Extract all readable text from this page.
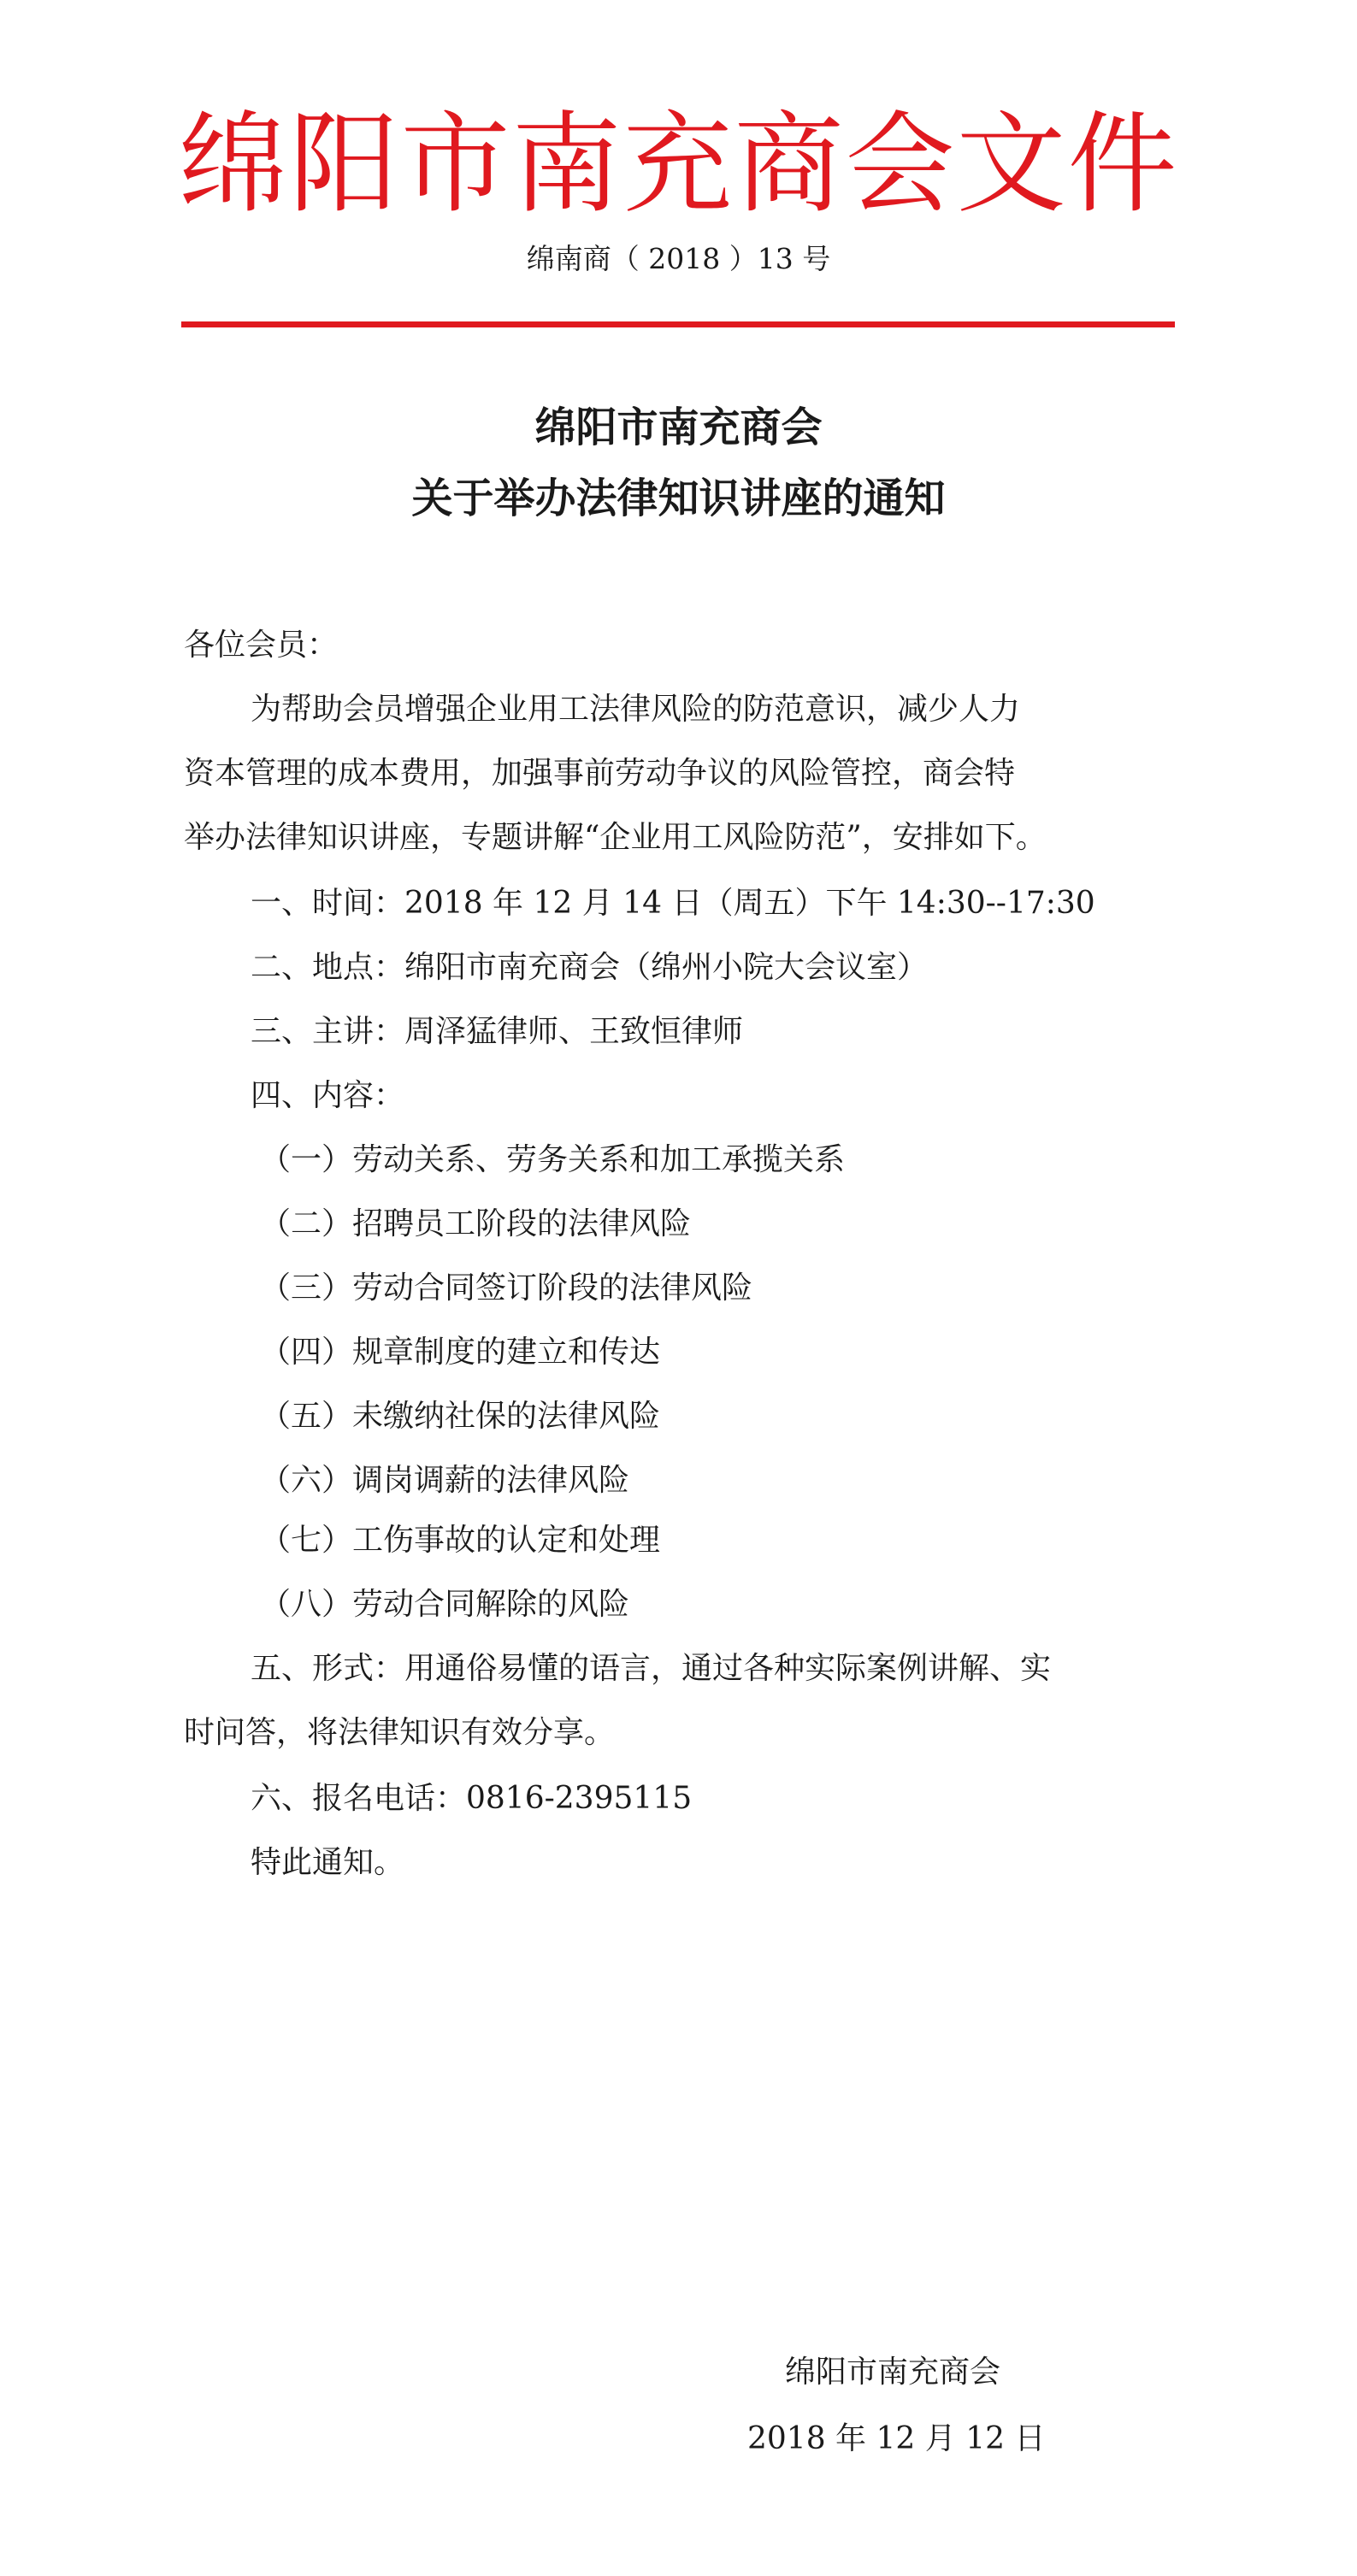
绵阳市南充商会文件
绵南商（ 2018 ）13 号
绵阳市南充商会
关于举办法律知识讲座的通知
各位会员：
为帮助会员增强企业用工法律风险的防范意识，减少人力
资本管理的成本费用，加强事前劳动争议的风险管控，商会特
举办法律知识讲座，专题讲解“企业用工风险防范”，安排如下。
一、时间：2018 年 12 月 14 日（周五）下午 14:30--17:30
二、地点：绵阳市南充商会（绵州小院大会议室）
三、主讲：周泽猛律师、王致恒律师
四、内容：
（一）劳动关系、劳务关系和加工承揽关系
（二）招聘员工阶段的法律风险
（三）劳动合同签订阶段的法律风险
（四）规章制度的建立和传达
（五）未缴纳社保的法律风险
（六）调岗调薪的法律风险
（七）工伤事故的认定和处理
（八）劳动合同解除的风险
五、形式：用通俗易懂的语言，通过各种实际案例讲解、实
时问答，将法律知识有效分享。
六、报名电话：0816-2395115
特此通知。
绵阳市南充商会
2018 年 12 月 12 日
